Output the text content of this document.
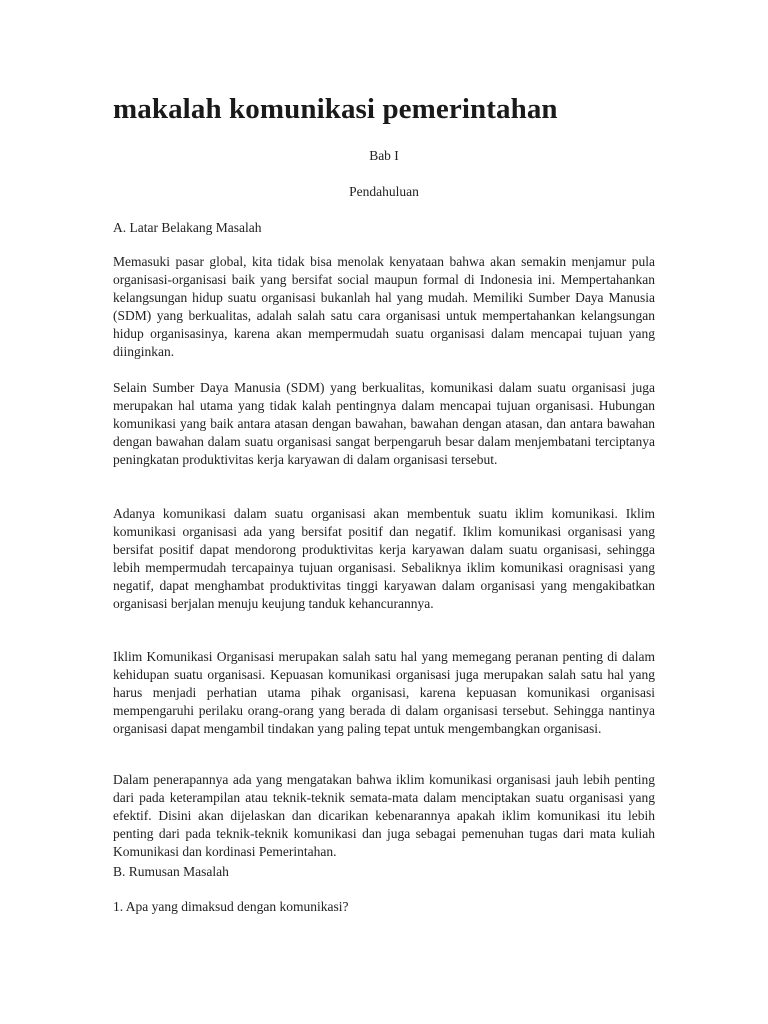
makalah komunikasi pemerintahan

Bab I

Pendahuluan

A. Latar Belakang Masalah

Memasuki pasar global, kita tidak bisa menolak kenyataan bahwa akan semakin menjamur pula organisasi-organisasi baik yang bersifat social maupun formal di Indonesia ini. Mempertahankan kelangsungan hidup suatu organisasi bukanlah hal yang mudah. Memiliki Sumber Daya Manusia (SDM) yang berkualitas, adalah salah satu cara organisasi untuk mempertahankan kelangsungan hidup organisasinya, karena akan mempermudah suatu organisasi dalam mencapai tujuan yang diinginkan.

Selain Sumber Daya Manusia (SDM) yang berkualitas, komunikasi dalam suatu organisasi juga merupakan hal utama yang tidak kalah pentingnya dalam mencapai tujuan organisasi. Hubungan komunikasi yang baik antara atasan dengan bawahan, bawahan dengan atasan, dan antara bawahan dengan bawahan dalam suatu organisasi sangat berpengaruh besar dalam menjembatani terciptanya peningkatan produktivitas kerja karyawan di dalam organisasi tersebut.

Adanya komunikasi dalam suatu organisasi akan membentuk suatu iklim komunikasi. Iklim komunikasi organisasi ada yang bersifat positif dan negatif. Iklim komunikasi organisasi yang bersifat positif dapat mendorong produktivitas kerja karyawan dalam suatu organisasi, sehingga lebih mempermudah tercapainya tujuan organisasi. Sebaliknya iklim komunikasi oragnisasi yang negatif, dapat menghambat produktivitas tinggi karyawan dalam organisasi yang mengakibatkan organisasi berjalan menuju keujung tanduk kehancurannya.

Iklim Komunikasi Organisasi merupakan salah satu hal yang memegang peranan penting di dalam kehidupan suatu organisasi. Kepuasan komunikasi organisasi juga merupakan salah satu hal yang harus menjadi perhatian utama pihak organisasi, karena kepuasan komunikasi organisasi mempengaruhi perilaku orang-orang yang berada di dalam organisasi tersebut. Sehingga nantinya organisasi dapat mengambil tindakan yang paling tepat untuk mengembangkan organisasi.

Dalam penerapannya ada yang mengatakan bahwa iklim komunikasi organisasi jauh lebih penting dari pada keterampilan atau teknik-teknik semata-mata dalam menciptakan suatu organisasi yang efektif. Disini akan dijelaskan dan dicarikan kebenarannya apakah iklim komunikasi itu lebih penting dari pada teknik-teknik komunikasi dan juga sebagai pemenuhan tugas dari mata kuliah Komunikasi dan kordinasi Pemerintahan.

B. Rumusan Masalah

1. Apa yang dimaksud dengan komunikasi?
